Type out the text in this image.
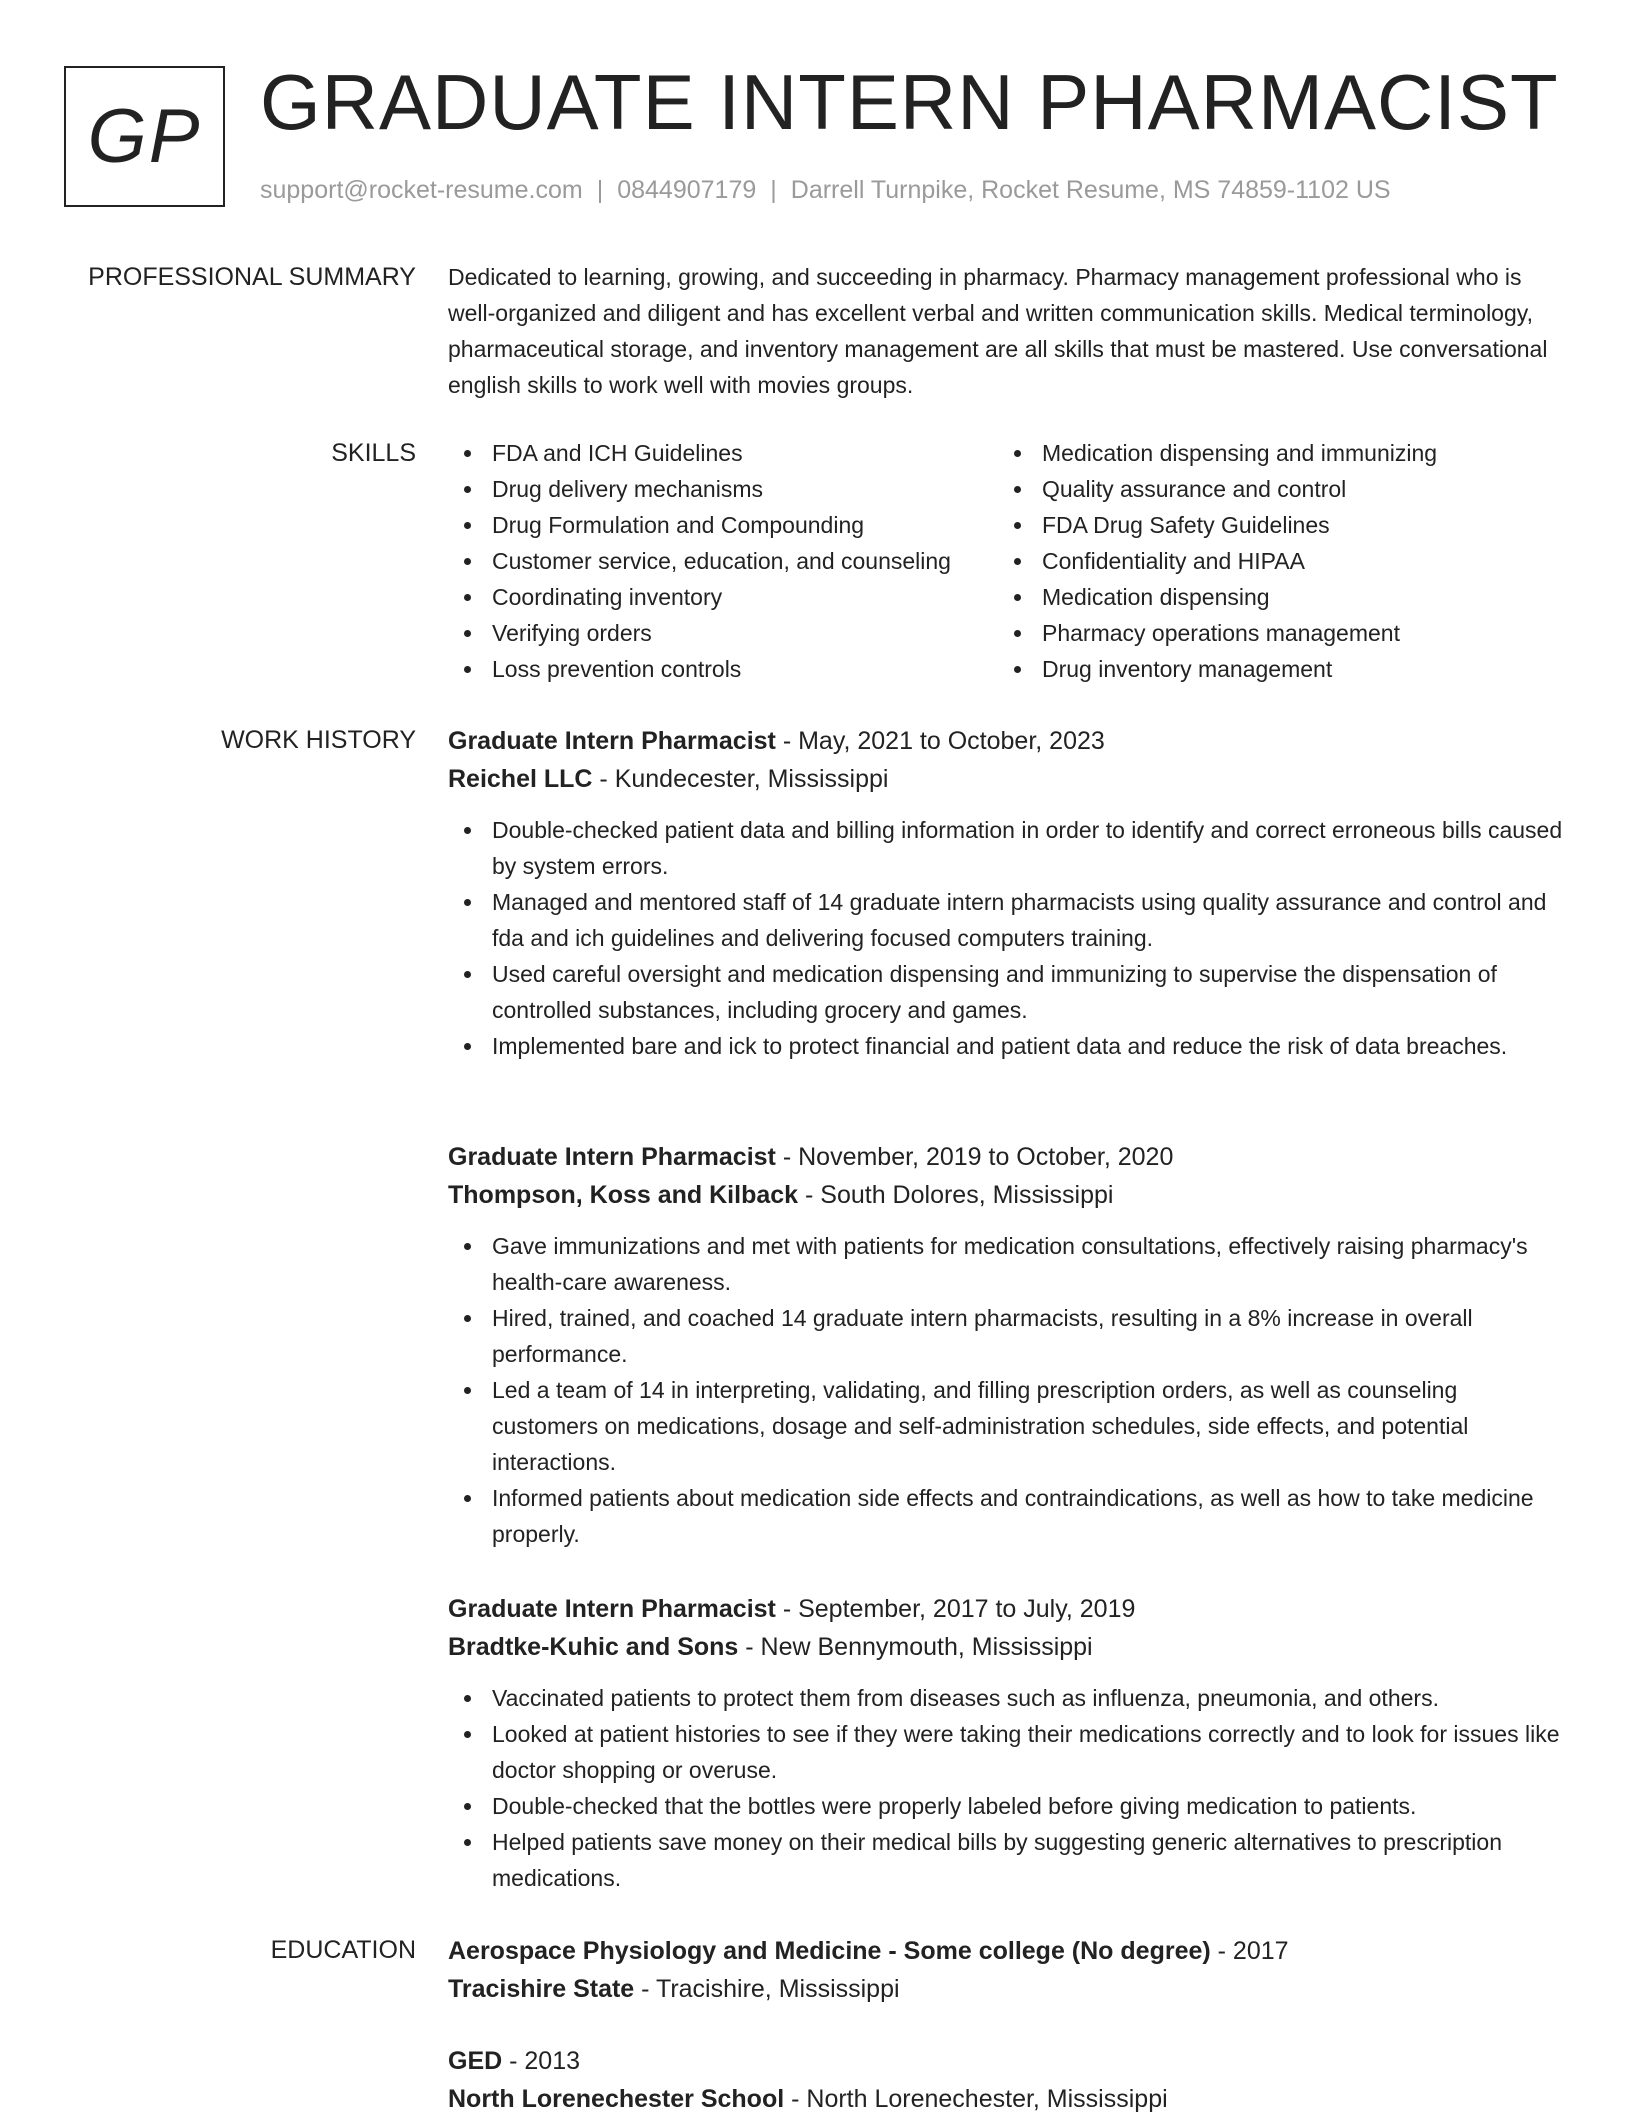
GP GRADUATE INTERN PHARMACIST
support@rocket-resume.com | 0844907179 | Darrell Turnpike, Rocket Resume, MS 74859-1102 US
PROFESSIONAL SUMMARY Dedicated to learning, growing, and succeeding in pharmacy. Pharmacy management professional who is well-organized and diligent and has excellent verbal and written communication skills. Medical terminology, pharmaceutical storage, and inventory management are all skills that must be mastered. Use conversational english skills to work well with movies groups.

SKILLS	FDA and ICH Guidelines
Drug delivery mechanisms
Drug Formulation and Compounding
Customer service, education, and counseling
Coordinating inventory
Verifying orders
Loss prevention controls
Medication dispensing and immunizing
Quality assurance and control
FDA Drug Safety Guidelines
Confidentiality and HIPAA
Medication dispensing
Pharmacy operations management
Drug inventory management
WORK HISTORY Graduate Intern Pharmacist - May, 2021 to October, 2023
Reichel LLC - Kundecester, Mississippi
Double-checked patient data and billing information in order to identify and correct erroneous bills caused by system errors.
Managed and mentored staff of 14 graduate intern pharmacists using quality assurance and control and fda and ich guidelines and delivering focused computers training.
Used careful oversight and medication dispensing and immunizing to supervise the dispensation of controlled substances, including grocery and games.
Implemented bare and ick to protect financial and patient data and reduce the risk of data breaches.
Graduate Intern Pharmacist - November, 2019 to October, 2020
Thompson, Koss and Kilback - South Dolores, Mississippi
Gave immunizations and met with patients for medication consultations, effectively raising pharmacy's health-care awareness.
Hired, trained, and coached 14 graduate intern pharmacists, resulting in a 8% increase in overall performance.
Led a team of 14 in interpreting, validating, and filling prescription orders, as well as counseling customers on medications, dosage and self-administration schedules, side effects, and potential interactions.
Informed patients about medication side effects and contraindications, as well as how to take medicine properly.
Graduate Intern Pharmacist - September, 2017 to July, 2019
Bradtke-Kuhic and Sons - New Bennymouth, Mississippi
Vaccinated patients to protect them from diseases such as influenza, pneumonia, and others.
Looked at patient histories to see if they were taking their medications correctly and to look for issues like doctor shopping or overuse.
Double-checked that the bottles were properly labeled before giving medication to patients.
Helped patients save money on their medical bills by suggesting generic alternatives to prescription medications.
EDUCATION Aerospace Physiology and Medicine - Some college (No degree) - 2017
Tracishire State - Tracishire, Mississippi
GED - 2013
North Lorenechester School - North Lorenechester, Mississippi
